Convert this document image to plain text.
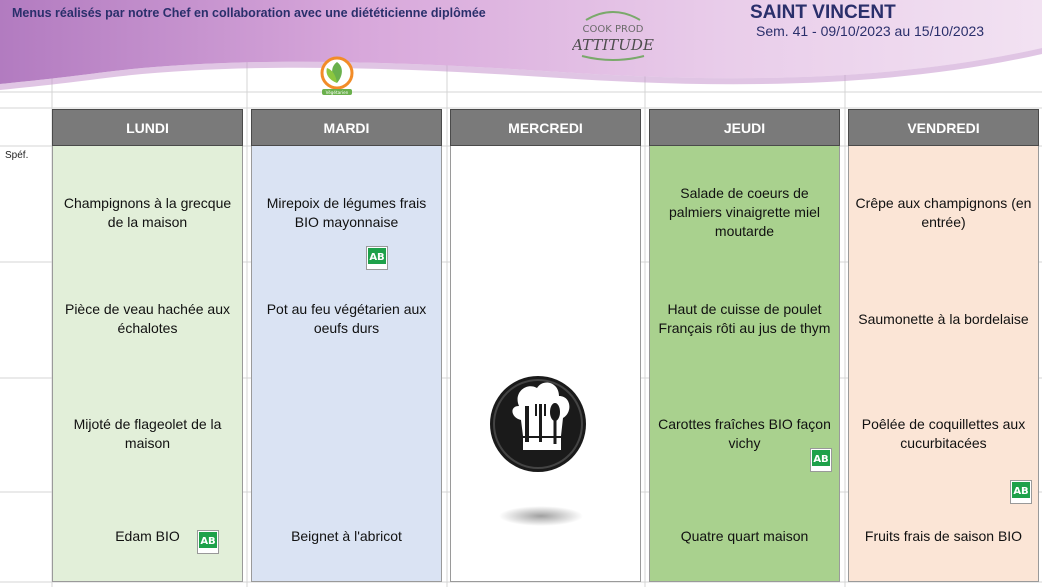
Menus réalisés par notre Chef en collaboration avec une diététicienne diplômée
COOK PROD
ATTITUDE
SAINT VINCENT
Sem. 41 - 09/10/2023 au 15/10/2023
Végétarien
Spéf.
LUNDI
Champignons à la grecque de la maison
Pièce de veau hachée aux échalotes
Mijoté de flageolet de la maison
Edam BIO	AB
MARDI
Mirepoix de légumes frais BIO mayonnaise
AB
Pot au feu végétarien aux oeufs durs
Beignet à l'abricot
MERCREDI	JEUDI
Salade de coeurs de palmiers vinaigrette miel moutarde
Haut de cuisse de poulet Français rôti au jus de thym
Carottes fraîches BIO façon vichy
AB
Quatre quart maison
VENDREDI
Crêpe aux champignons (en entrée)
Saumonette à la bordelaise
Poêlée de coquillettes aux cucurbitacées
AB
Fruits frais de saison BIO
